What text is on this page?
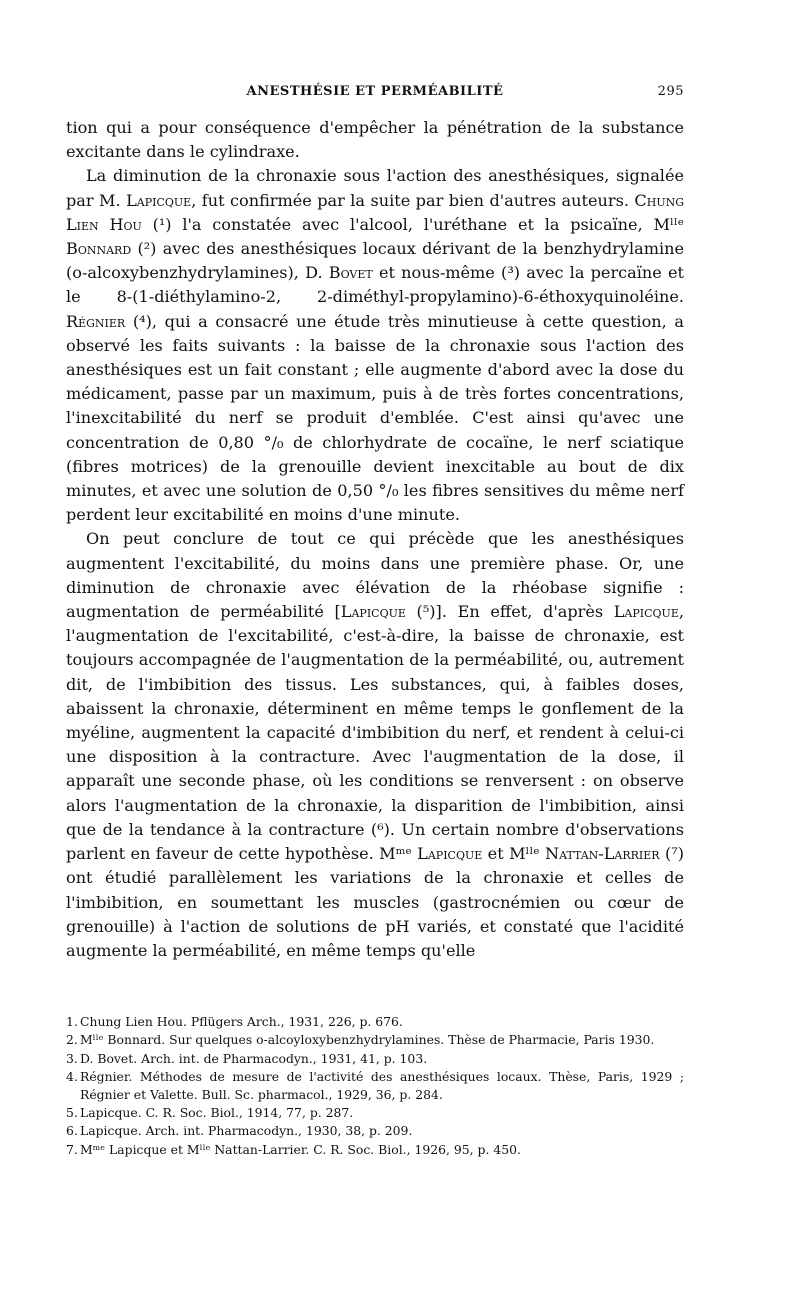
ANESTHÉSIE ET PERMÉABILITÉ	295

tion qui a pour conséquence d'empêcher la pénétration de la substance excitante dans le cylindraxe.

La diminution de la chronaxie sous l'action des anesthésiques, signalée par M. Lapicque, fut confirmée par la suite par bien d'autres auteurs. Chung Lien Hou (¹) l'a constatée avec l'alcool, l'uréthane et la psicaïne, Mˡˡᵉ Bonnard (²) avec des anesthésiques locaux dérivant de la benzhydrylamine (o-alcoxybenzhydrylamines), D. Bovet et nous-même (³) avec la percaïne et le 8-(1-diéthylamino-2, 2-diméthyl-propylamino)-6-éthoxyquinoléine. Régnier (⁴), qui a consacré une étude très minutieuse à cette question, a observé les faits suivants : la baisse de la chronaxie sous l'action des anesthésiques est un fait constant ; elle augmente d'abord avec la dose du médicament, passe par un maximum, puis à de très fortes concentrations, l'inexcitabilité du nerf se produit d'emblée. C'est ainsi qu'avec une concentration de 0,80 °/₀ de chlorhydrate de cocaïne, le nerf sciatique (fibres motrices) de la grenouille devient inexcitable au bout de dix minutes, et avec une solution de 0,50 °/₀ les fibres sensitives du même nerf perdent leur excitabilité en moins d'une minute.

On peut conclure de tout ce qui précède que les anesthésiques augmentent l'excitabilité, du moins dans une première phase. Or, une diminution de chronaxie avec élévation de la rhéobase signifie : augmentation de perméabilité [Lapicque (⁵)]. En effet, d'après Lapicque, l'augmentation de l'excitabilité, c'est-à-dire, la baisse de chronaxie, est toujours accompagnée de l'augmentation de la perméabilité, ou, autrement dit, de l'imbibition des tissus. Les substances, qui, à faibles doses, abaissent la chronaxie, déterminent en même temps le gonflement de la myéline, augmentent la capacité d'imbibition du nerf, et rendent à celui-ci une disposition à la contracture. Avec l'augmentation de la dose, il apparaît une seconde phase, où les conditions se renversent : on observe alors l'augmentation de la chronaxie, la disparition de l'imbibition, ainsi que de la tendance à la contracture (⁶). Un certain nombre d'observations parlent en faveur de cette hypothèse. Mᵐᵉ Lapicque et Mˡˡᵉ Nattan-Larrier (⁷) ont étudié parallèlement les variations de la chronaxie et celles de l'imbibition, en soumettant les muscles (gastrocnémien ou cœur de grenouille) à l'action de solutions de pH variés, et constaté que l'acidité augmente la perméabilité, en même temps qu'elle

1. Chung Lien Hou. Pflügers Arch., 1931, 226, p. 676.

2. Mˡˡᵉ Bonnard. Sur quelques o-alcoyloxybenzhydrylamines. Thèse de Pharmacie, Paris 1930.

3. D. Bovet. Arch. int. de Pharmacodyn., 1931, 41, p. 103.

4. Régnier. Méthodes de mesure de l'activité des anesthésiques locaux. Thèse, Paris, 1929 ; Régnier et Valette. Bull. Sc. pharmacol., 1929, 36, p. 284.

5. Lapicque. C. R. Soc. Biol., 1914, 77, p. 287.

6. Lapicque. Arch. int. Pharmacodyn., 1930, 38, p. 209.

7. Mᵐᵉ Lapicque et Mˡˡᵉ Nattan-Larrier. C. R. Soc. Biol., 1926, 95, p. 450.
